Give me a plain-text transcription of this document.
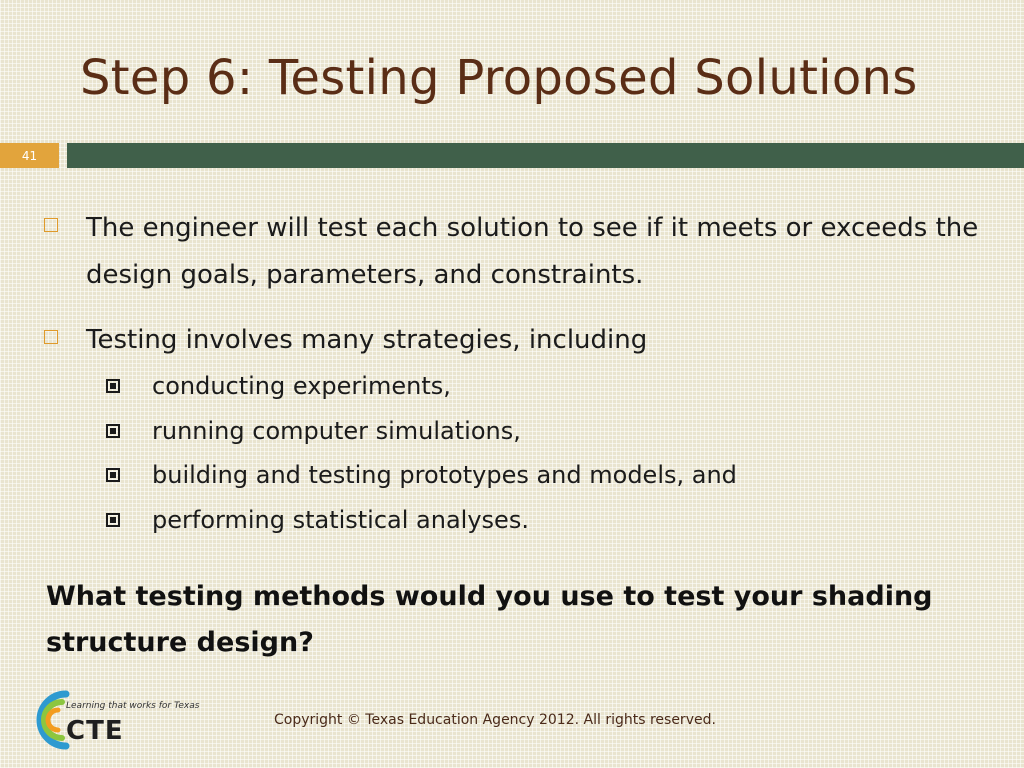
Step 6: Testing Proposed Solutions
41
The engineer will test each solution to see if it meets or exceeds the design goals, parameters, and constraints.
Testing involves many strategies, including
conducting experiments,
running computer simulations,
building and testing prototypes and models, and
performing statistical analyses.
What testing methods would you use to test your shading structure design?
Learning that works for Texas
CTE	Copyright © Texas Education Agency 2012. All rights reserved.
